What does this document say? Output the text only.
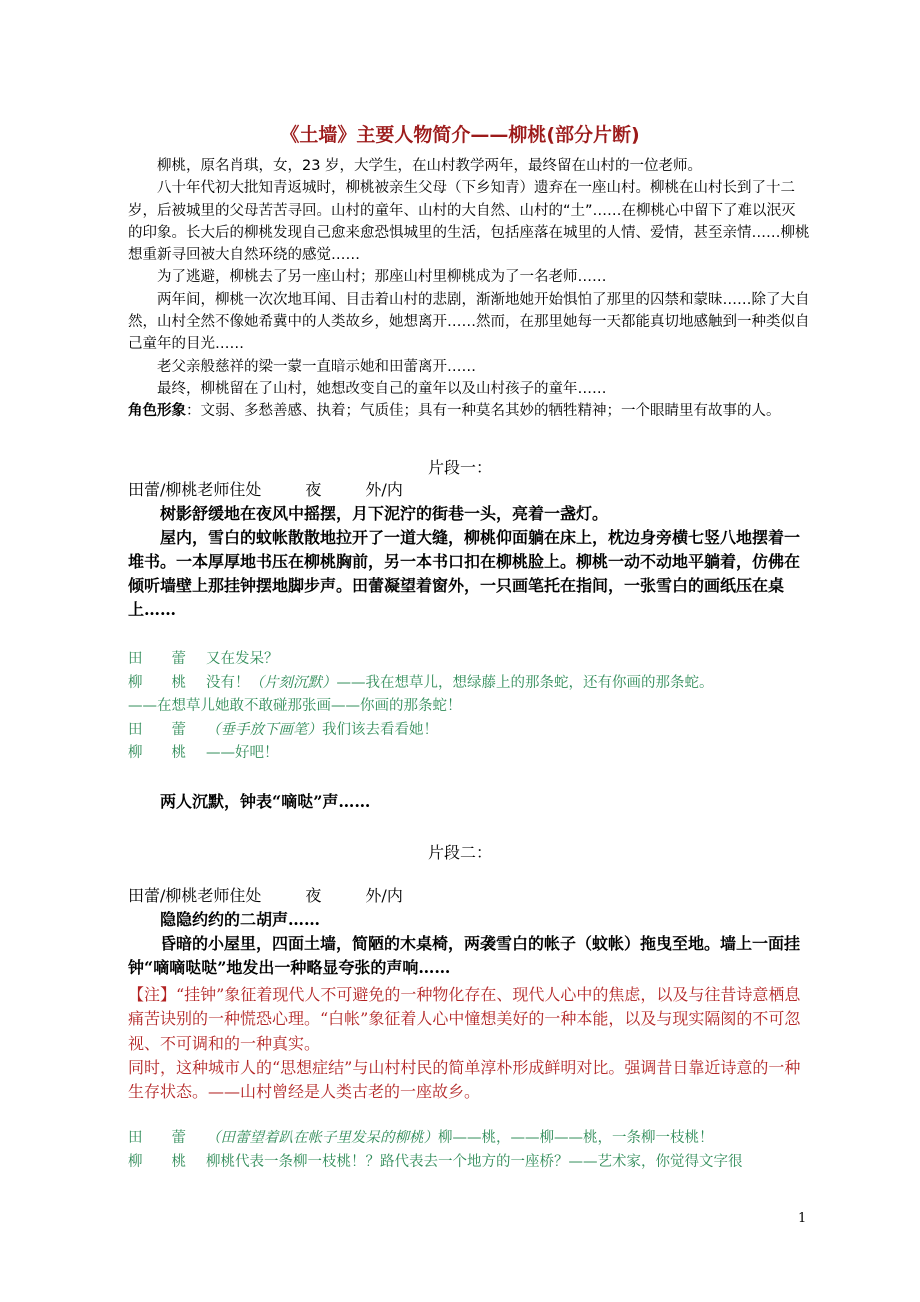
《土墙》主要人物简介——柳桃(部分片断)

柳桃，原名肖琪，女，23 岁，大学生，在山村教学两年，最终留在山村的一位老师。

八十年代初大批知青返城时，柳桃被亲生父母（下乡知青）遗弃在一座山村。柳桃在山村长到了十二岁，后被城里的父母苦苦寻回。山村的童年、山村的大自然、山村的“土”……在柳桃心中留下了难以泯灭的印象。长大后的柳桃发现自己愈来愈恐惧城里的生活，包括座落在城里的人情、爱情，甚至亲情……柳桃想重新寻回被大自然环绕的感觉……

为了逃避，柳桃去了另一座山村；那座山村里柳桃成为了一名老师……

两年间，柳桃一次次地耳闻、目击着山村的悲剧，渐渐地她开始惧怕了那里的囚禁和蒙昧……除了大自然，山村全然不像她希冀中的人类故乡，她想离开……然而，在那里她每一天都能真切地感触到一种类似自己童年的目光……

老父亲般慈祥的梁一蒙一直暗示她和田蕾离开……

最终，柳桃留在了山村，她想改变自己的童年以及山村孩子的童年……

角色形象：文弱、多愁善感、执着；气质佳；具有一种莫名其妙的牺牲精神；一个眼睛里有故事的人。

片段一：

田蕾/柳桃老师住处	夜	外/内

树影舒缓地在夜风中摇摆，月下泥泞的街巷一头，亮着一盏灯。

屋内，雪白的蚊帐散散地拉开了一道大缝，柳桃仰面躺在床上，枕边身旁横七竖八地摆着一堆书。一本厚厚地书压在柳桃胸前，另一本书口扣在柳桃脸上。柳桃一动不动地平躺着，仿佛在倾听墙壁上那挂钟摆地脚步声。田蕾凝望着窗外，一只画笔托在指间，一张雪白的画纸压在桌上……

田　　蕾 又在发呆？

柳　　桃 没有！（片刻沉默）——我在想草儿，想绿藤上的那条蛇，还有你画的那条蛇。

——在想草儿她敢不敢碰那张画——你画的那条蛇！

田　　蕾 （垂手放下画笔）我们该去看看她！

柳　　桃 ——好吧！

两人沉默，钟表“嘀哒”声……

片段二：

田蕾/柳桃老师住处	夜	外/内

隐隐约约的二胡声……

昏暗的小屋里，四面土墙，简陋的木桌椅，两袭雪白的帐子（蚊帐）拖曳至地。墙上一面挂钟“嘀嘀哒哒”地发出一种略显夸张的声响……

【注】“挂钟”象征着现代人不可避免的一种物化存在、现代人心中的焦虑，以及与往昔诗意栖息痛苦诀别的一种慌恐心理。“白帐”象征着人心中憧想美好的一种本能，以及与现实隔阂的不可忽视、不可调和的一种真实。

同时，这种城市人的“思想症结”与山村村民的简单淳朴形成鲜明对比。强调昔日靠近诗意的一种生存状态。——山村曾经是人类古老的一座故乡。

田　　蕾 （田蕾望着趴在帐子里发呆的柳桃）柳——桃，——柳——桃，一条柳一枝桃！

柳　　桃 柳桃代表一条柳一枝桃！？路代表去一个地方的一座桥？——艺术家，你觉得文字很

1
